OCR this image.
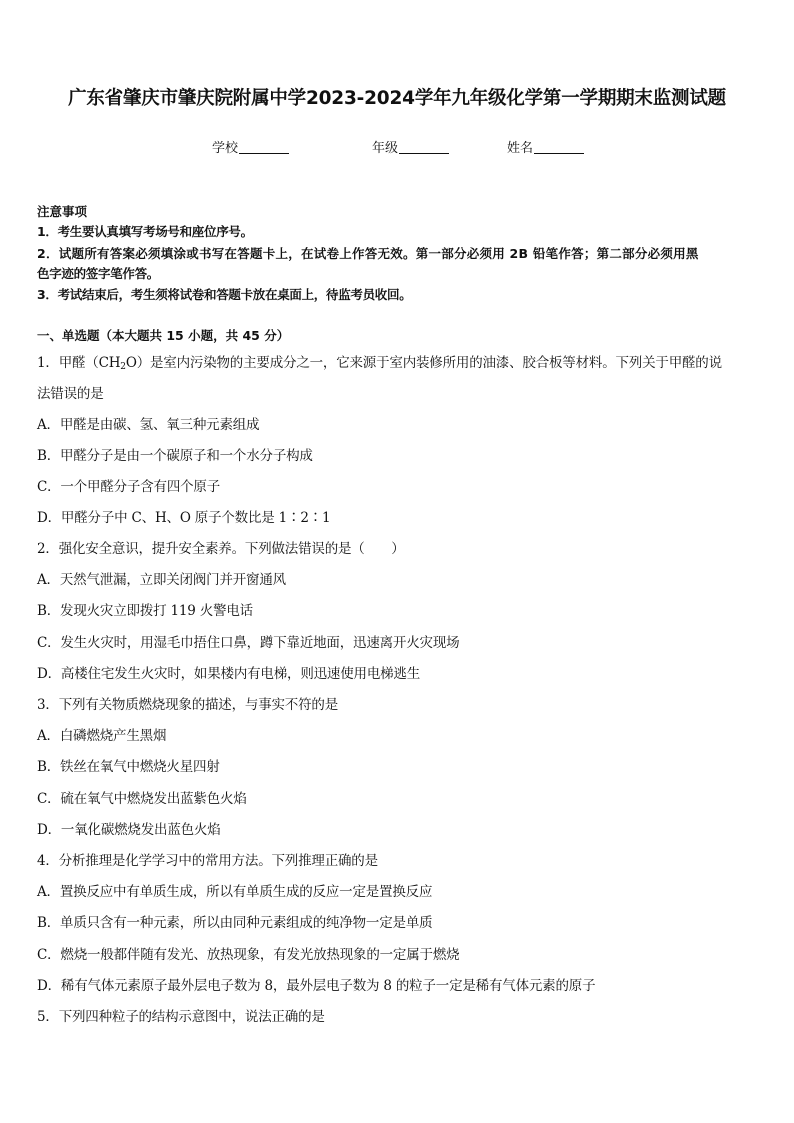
广东省肇庆市肇庆院附属中学2023-2024学年九年级化学第一学期期末监测试题
学校	年级	姓名
注意事项
1．考生要认真填写考场号和座位序号。
2．试题所有答案必须填涂或书写在答题卡上，在试卷上作答无效。第一部分必须用 2B 铅笔作答；第二部分必须用黑
色字迹的签字笔作答。
3．考试结束后，考生须将试卷和答题卡放在桌面上，待监考员收回。
一、单选题（本大题共 15 小题，共 45 分）
1．甲醛$(CH_2O)$是室内污染物的主要成分之一，它来源于室内装修所用的油漆、胶合板等材料。下列关于甲醛的说
法错误的是
A．甲醛是由碳、氢、氧三种元素组成
B．甲醛分子是由一个碳原子和一个水分子构成
C．一个甲醛分子含有四个原子
D．甲醛分子中 C、H、O 原子个数比是 1∶2∶1
2．强化安全意识，提升安全素养。下列做法错误的是（　　）
A．天然气泄漏，立即关闭阀门并开窗通风
B．发现火灾立即拨打 119 火警电话
C．发生火灾时，用湿毛巾捂住口鼻，蹲下靠近地面，迅速离开火灾现场
D．高楼住宅发生火灾时，如果楼内有电梯，则迅速使用电梯逃生
3．下列有关物质燃烧现象的描述，与事实不符的是
A．白磷燃烧产生黑烟
B．铁丝在氧气中燃烧火星四射
C．硫在氧气中燃烧发出蓝紫色火焰
D．一氧化碳燃烧发出蓝色火焰
4．分析推理是化学学习中的常用方法。下列推理正确的是
A．置换反应中有单质生成，所以有单质生成的反应一定是置换反应
B．单质只含有一种元素，所以由同种元素组成的纯净物一定是单质
C．燃烧一般都伴随有发光、放热现象，有发光放热现象的一定属于燃烧
D．稀有气体元素原子最外层电子数为 8，最外层电子数为 8 的粒子一定是稀有气体元素的原子
5．下列四种粒子的结构示意图中，说法正确的是
